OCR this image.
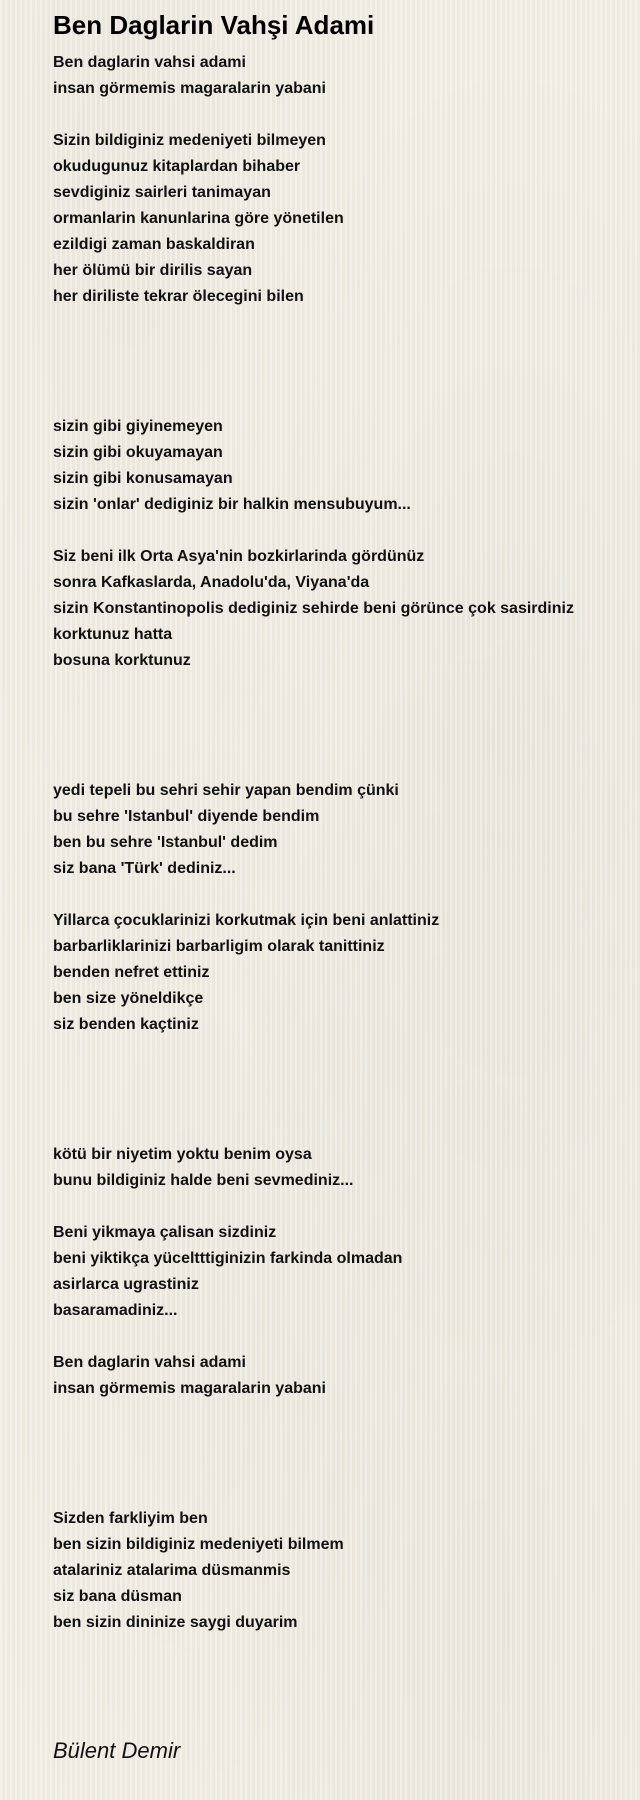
Ben Daglarin Vahşi Adami
Ben daglarin vahsi adami
insan görmemis magaralarin yabani
Sizin bildiginiz medeniyeti bilmeyen
okudugunuz kitaplardan bihaber
sevdiginiz sairleri tanimayan
ormanlarin kanunlarina göre yönetilen
ezildigi zaman baskaldiran
her ölümü bir dirilis sayan
her diriliste tekrar ölecegini bilen
sizin gibi giyinemeyen
sizin gibi okuyamayan
sizin gibi konusamayan
sizin 'onlar' dediginiz bir halkin mensubuyum...
Siz beni ilk Orta Asya'nin bozkirlarinda gördünüz
sonra Kafkaslarda, Anadolu'da, Viyana'da
sizin Konstantinopolis dediginiz sehirde beni görünce çok sasirdiniz
korktunuz hatta
bosuna korktunuz
yedi tepeli bu sehri sehir yapan bendim çünki
bu sehre 'Istanbul' diyende bendim
ben bu sehre 'Istanbul' dedim
siz bana 'Türk' dediniz...
Yillarca çocuklarinizi korkutmak için beni anlattiniz
barbarliklarinizi barbarligim olarak tanittiniz
benden nefret ettiniz
ben size yöneldikçe
siz benden kaçtiniz
kötü bir niyetim yoktu benim oysa
bunu bildiginiz halde beni sevmediniz...
Beni yikmaya çalisan sizdiniz
beni yiktikça yüceltttiginizin farkinda olmadan
asirlarca ugrastiniz
basaramadiniz...
Ben daglarin vahsi adami
insan görmemis magaralarin yabani
Sizden farkliyim ben
ben sizin bildiginiz medeniyeti bilmem
atalariniz atalarima düsmanmis
siz bana düsman
ben sizin dininize saygi duyarim
Bülent Demir
